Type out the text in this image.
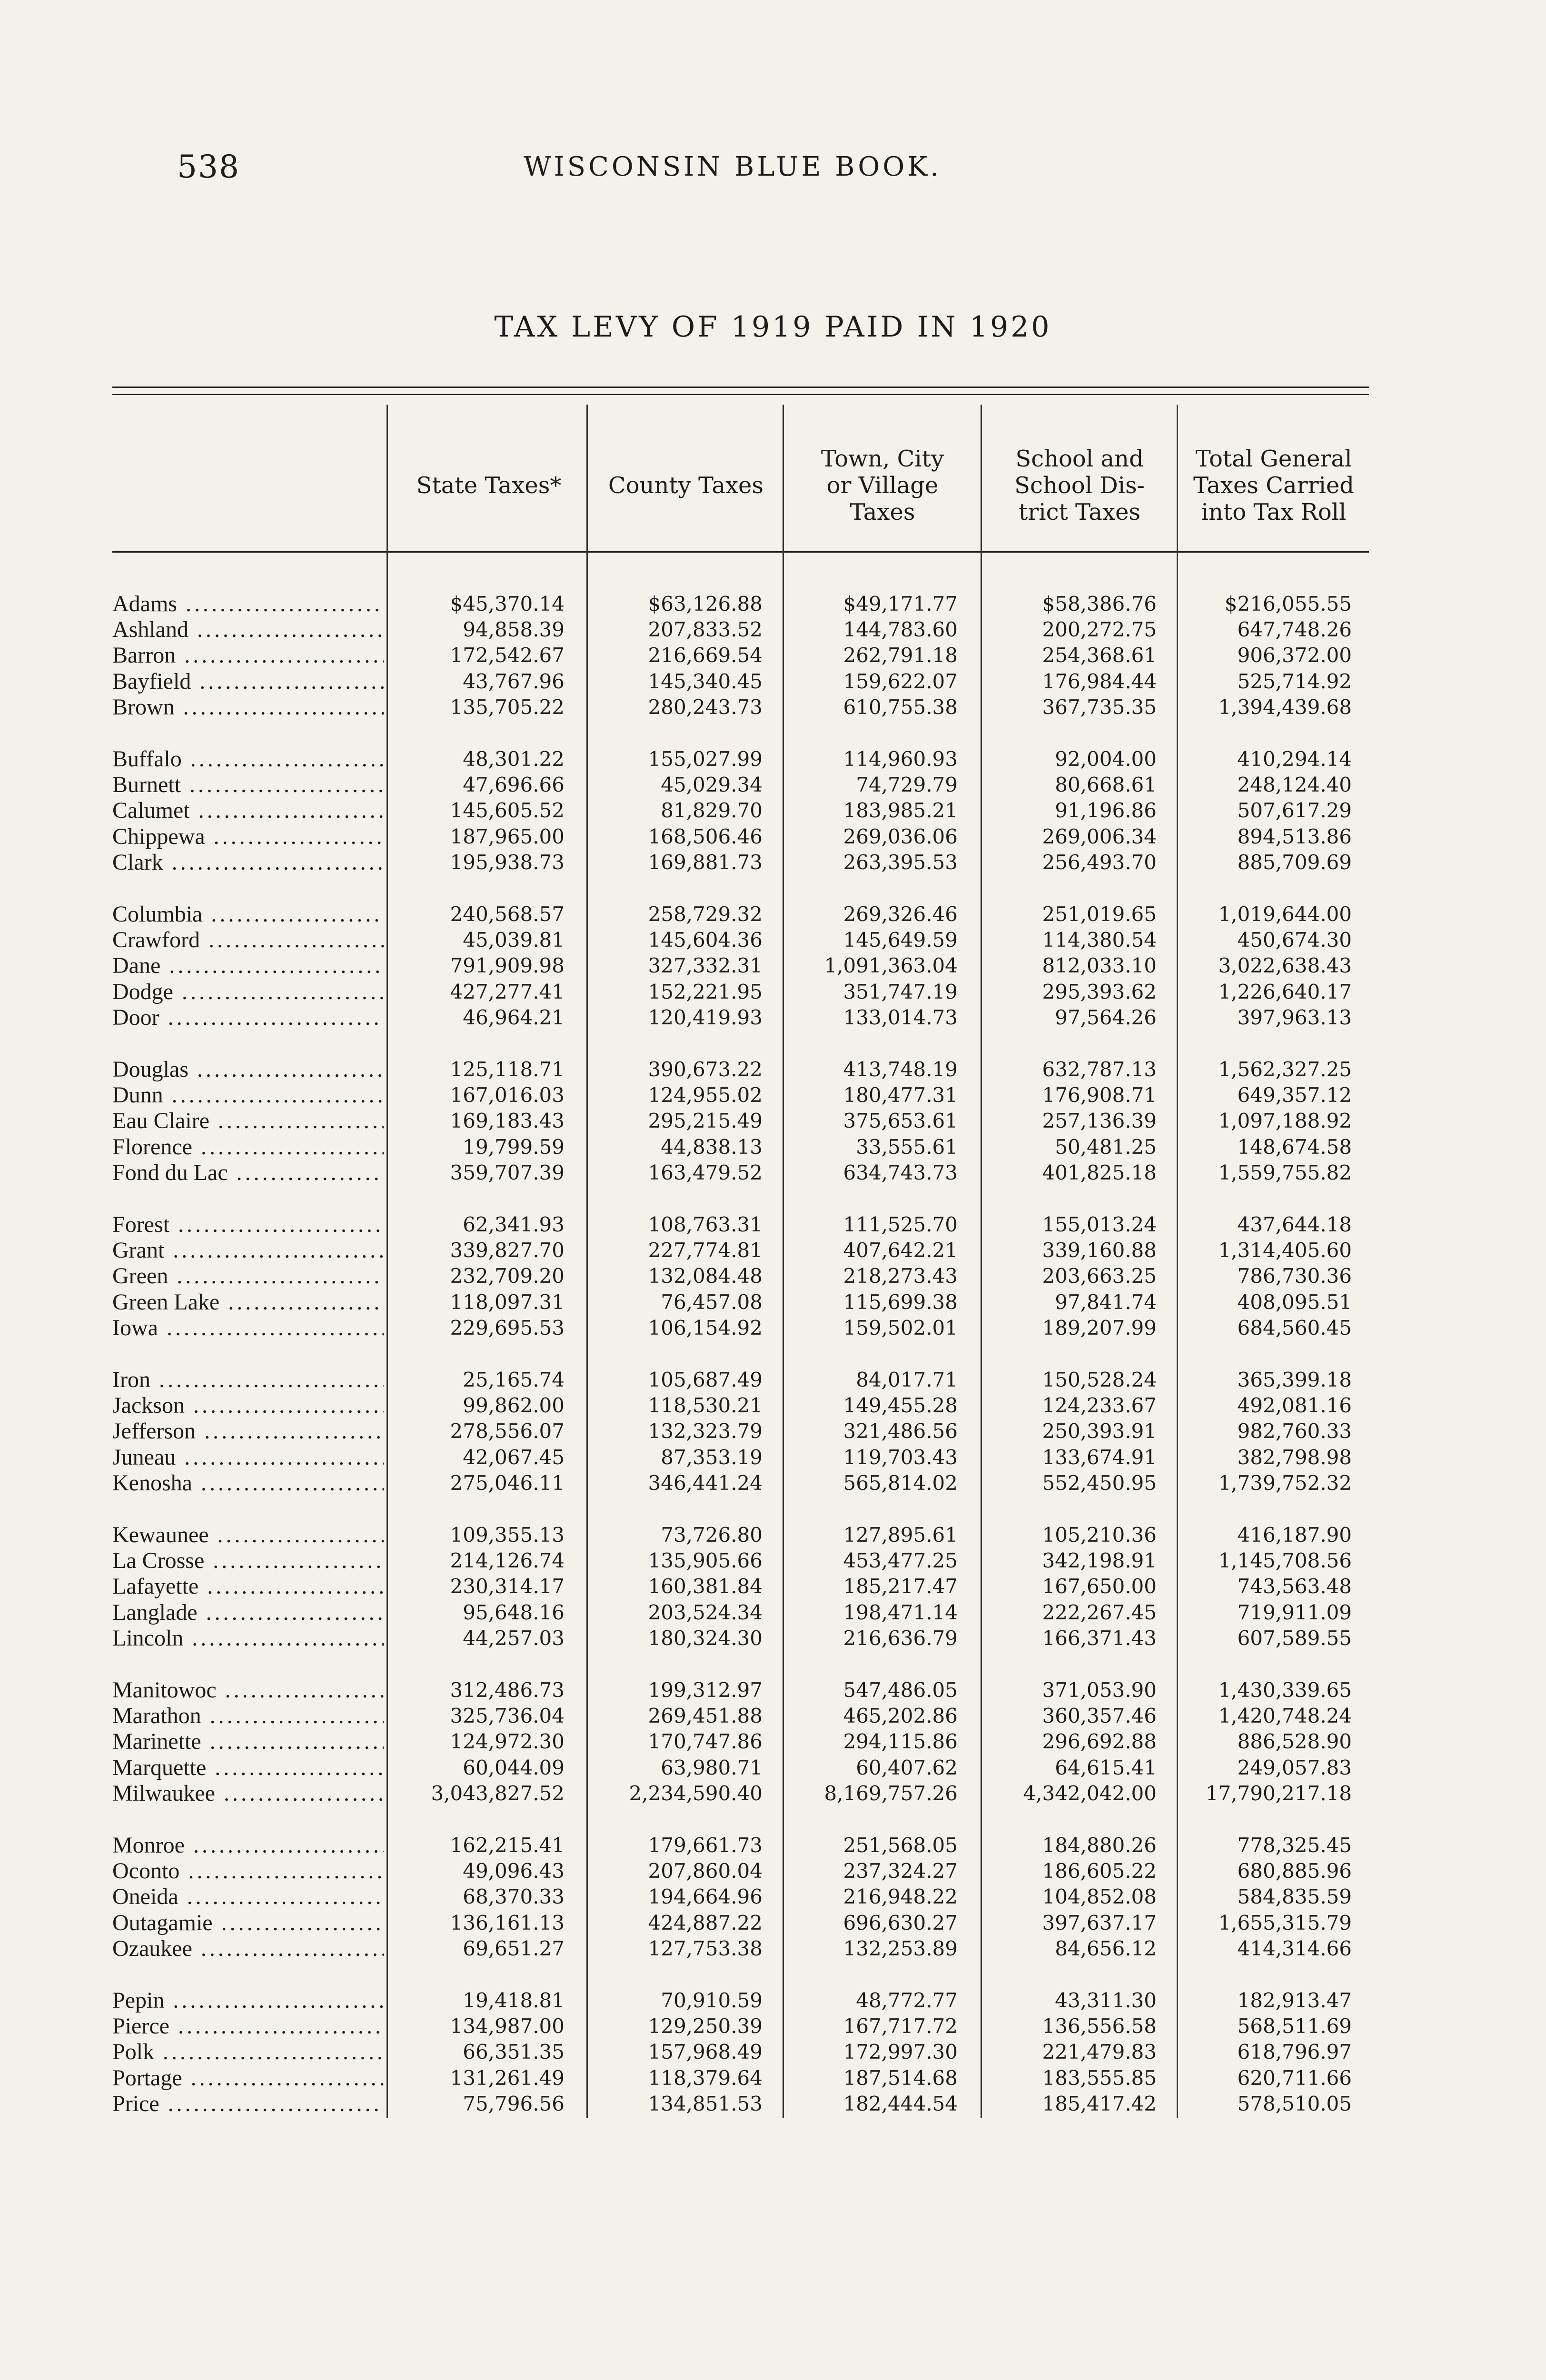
538	WISCONSIN BLUE BOOK.
TAX LEVY OF 1919 PAID IN 1920
State Taxes*	County Taxes
Town, City
or Village
Taxes
School and
School Dis-
trict Taxes
Total General
Taxes Carried
into Tax Roll
Adams .....	$45,370.14	$63,126.88	$49,171.77	$58,386.76	$216,055.55
Ashland .....	94,858.39	207,833.52	144,783.60	200,272.75	647,748.26
Barron .....	172,542.67	216,669.54	262,791.18	254,368.61	906,372.00
Bayfield .....	43,767.96	145,340.45	159,622.07	176,984.44	525,714.92
Brown .....	135,705.22	280,243.73	610,755.38	367,735.35	1,394,439.68
Buffalo .....	48,301.22	155,027.99	114,960.93	92,004.00	410,294.14
Burnett .....	47,696.66	45,029.34	74,729.79	80,668.61	248,124.40
Calumet .....	145,605.52	81,829.70	183,985.21	91,196.86	507,617.29
Chippewa .....	187,965.00	168,506.46	269,036.06	269,006.34	894,513.86
Clark .....	195,938.73	169,881.73	263,395.53	256,493.70	885,709.69
Columbia .....	240,568.57	258,729.32	269,326.46	251,019.65	1,019,644.00
Crawford .....	45,039.81	145,604.36	145,649.59	114,380.54	450,674.30
Dane .....	791,909.98	327,332.31	1,091,363.04	812,033.10	3,022,638.43
Dodge .....	427,277.41	152,221.95	351,747.19	295,393.62	1,226,640.17
Door .....	46,964.21	120,419.93	133,014.73	97,564.26	397,963.13
Douglas .....	125,118.71	390,673.22	413,748.19	632,787.13	1,562,327.25
Dunn .....	167,016.03	124,955.02	180,477.31	176,908.71	649,357.12
Eau Claire .....	169,183.43	295,215.49	375,653.61	257,136.39	1,097,188.92
Florence .....	19,799.59	44,838.13	33,555.61	50,481.25	148,674.58
Fond du Lac .....	359,707.39	163,479.52	634,743.73	401,825.18	1,559,755.82
Forest .....	62,341.93	108,763.31	111,525.70	155,013.24	437,644.18
Grant .....	339,827.70	227,774.81	407,642.21	339,160.88	1,314,405.60
Green .....	232,709.20	132,084.48	218,273.43	203,663.25	786,730.36
Green Lake .....	118,097.31	76,457.08	115,699.38	97,841.74	408,095.51
Iowa .....	229,695.53	106,154.92	159,502.01	189,207.99	684,560.45
Iron .....	25,165.74	105,687.49	84,017.71	150,528.24	365,399.18
Jackson .....	99,862.00	118,530.21	149,455.28	124,233.67	492,081.16
Jefferson .....	278,556.07	132,323.79	321,486.56	250,393.91	982,760.33
Juneau .....	42,067.45	87,353.19	119,703.43	133,674.91	382,798.98
Kenosha .....	275,046.11	346,441.24	565,814.02	552,450.95	1,739,752.32
Kewaunee .....	109,355.13	73,726.80	127,895.61	105,210.36	416,187.90
La Crosse .....	214,126.74	135,905.66	453,477.25	342,198.91	1,145,708.56
Lafayette .....	230,314.17	160,381.84	185,217.47	167,650.00	743,563.48
Langlade .....	95,648.16	203,524.34	198,471.14	222,267.45	719,911.09
Lincoln .....	44,257.03	180,324.30	216,636.79	166,371.43	607,589.55
Manitowoc .....	312,486.73	199,312.97	547,486.05	371,053.90	1,430,339.65
Marathon .....	325,736.04	269,451.88	465,202.86	360,357.46	1,420,748.24
Marinette .....	124,972.30	170,747.86	294,115.86	296,692.88	886,528.90
Marquette .....	60,044.09	63,980.71	60,407.62	64,615.41	249,057.83
Milwaukee .....	3,043,827.52	2,234,590.40	8,169,757.26	4,342,042.00	17,790,217.18
Monroe .....	162,215.41	179,661.73	251,568.05	184,880.26	778,325.45
Oconto .....	49,096.43	207,860.04	237,324.27	186,605.22	680,885.96
Oneida .....	68,370.33	194,664.96	216,948.22	104,852.08	584,835.59
Outagamie .....	136,161.13	424,887.22	696,630.27	397,637.17	1,655,315.79
Ozaukee .....	69,651.27	127,753.38	132,253.89	84,656.12	414,314.66
Pepin .....	19,418.81	70,910.59	48,772.77	43,311.30	182,913.47
Pierce .....	134,987.00	129,250.39	167,717.72	136,556.58	568,511.69
Polk .....	66,351.35	157,968.49	172,997.30	221,479.83	618,796.97
Portage .....	131,261.49	118,379.64	187,514.68	183,555.85	620,711.66
Price .....	75,796.56	134,851.53	182,444.54	185,417.42	578,510.05
